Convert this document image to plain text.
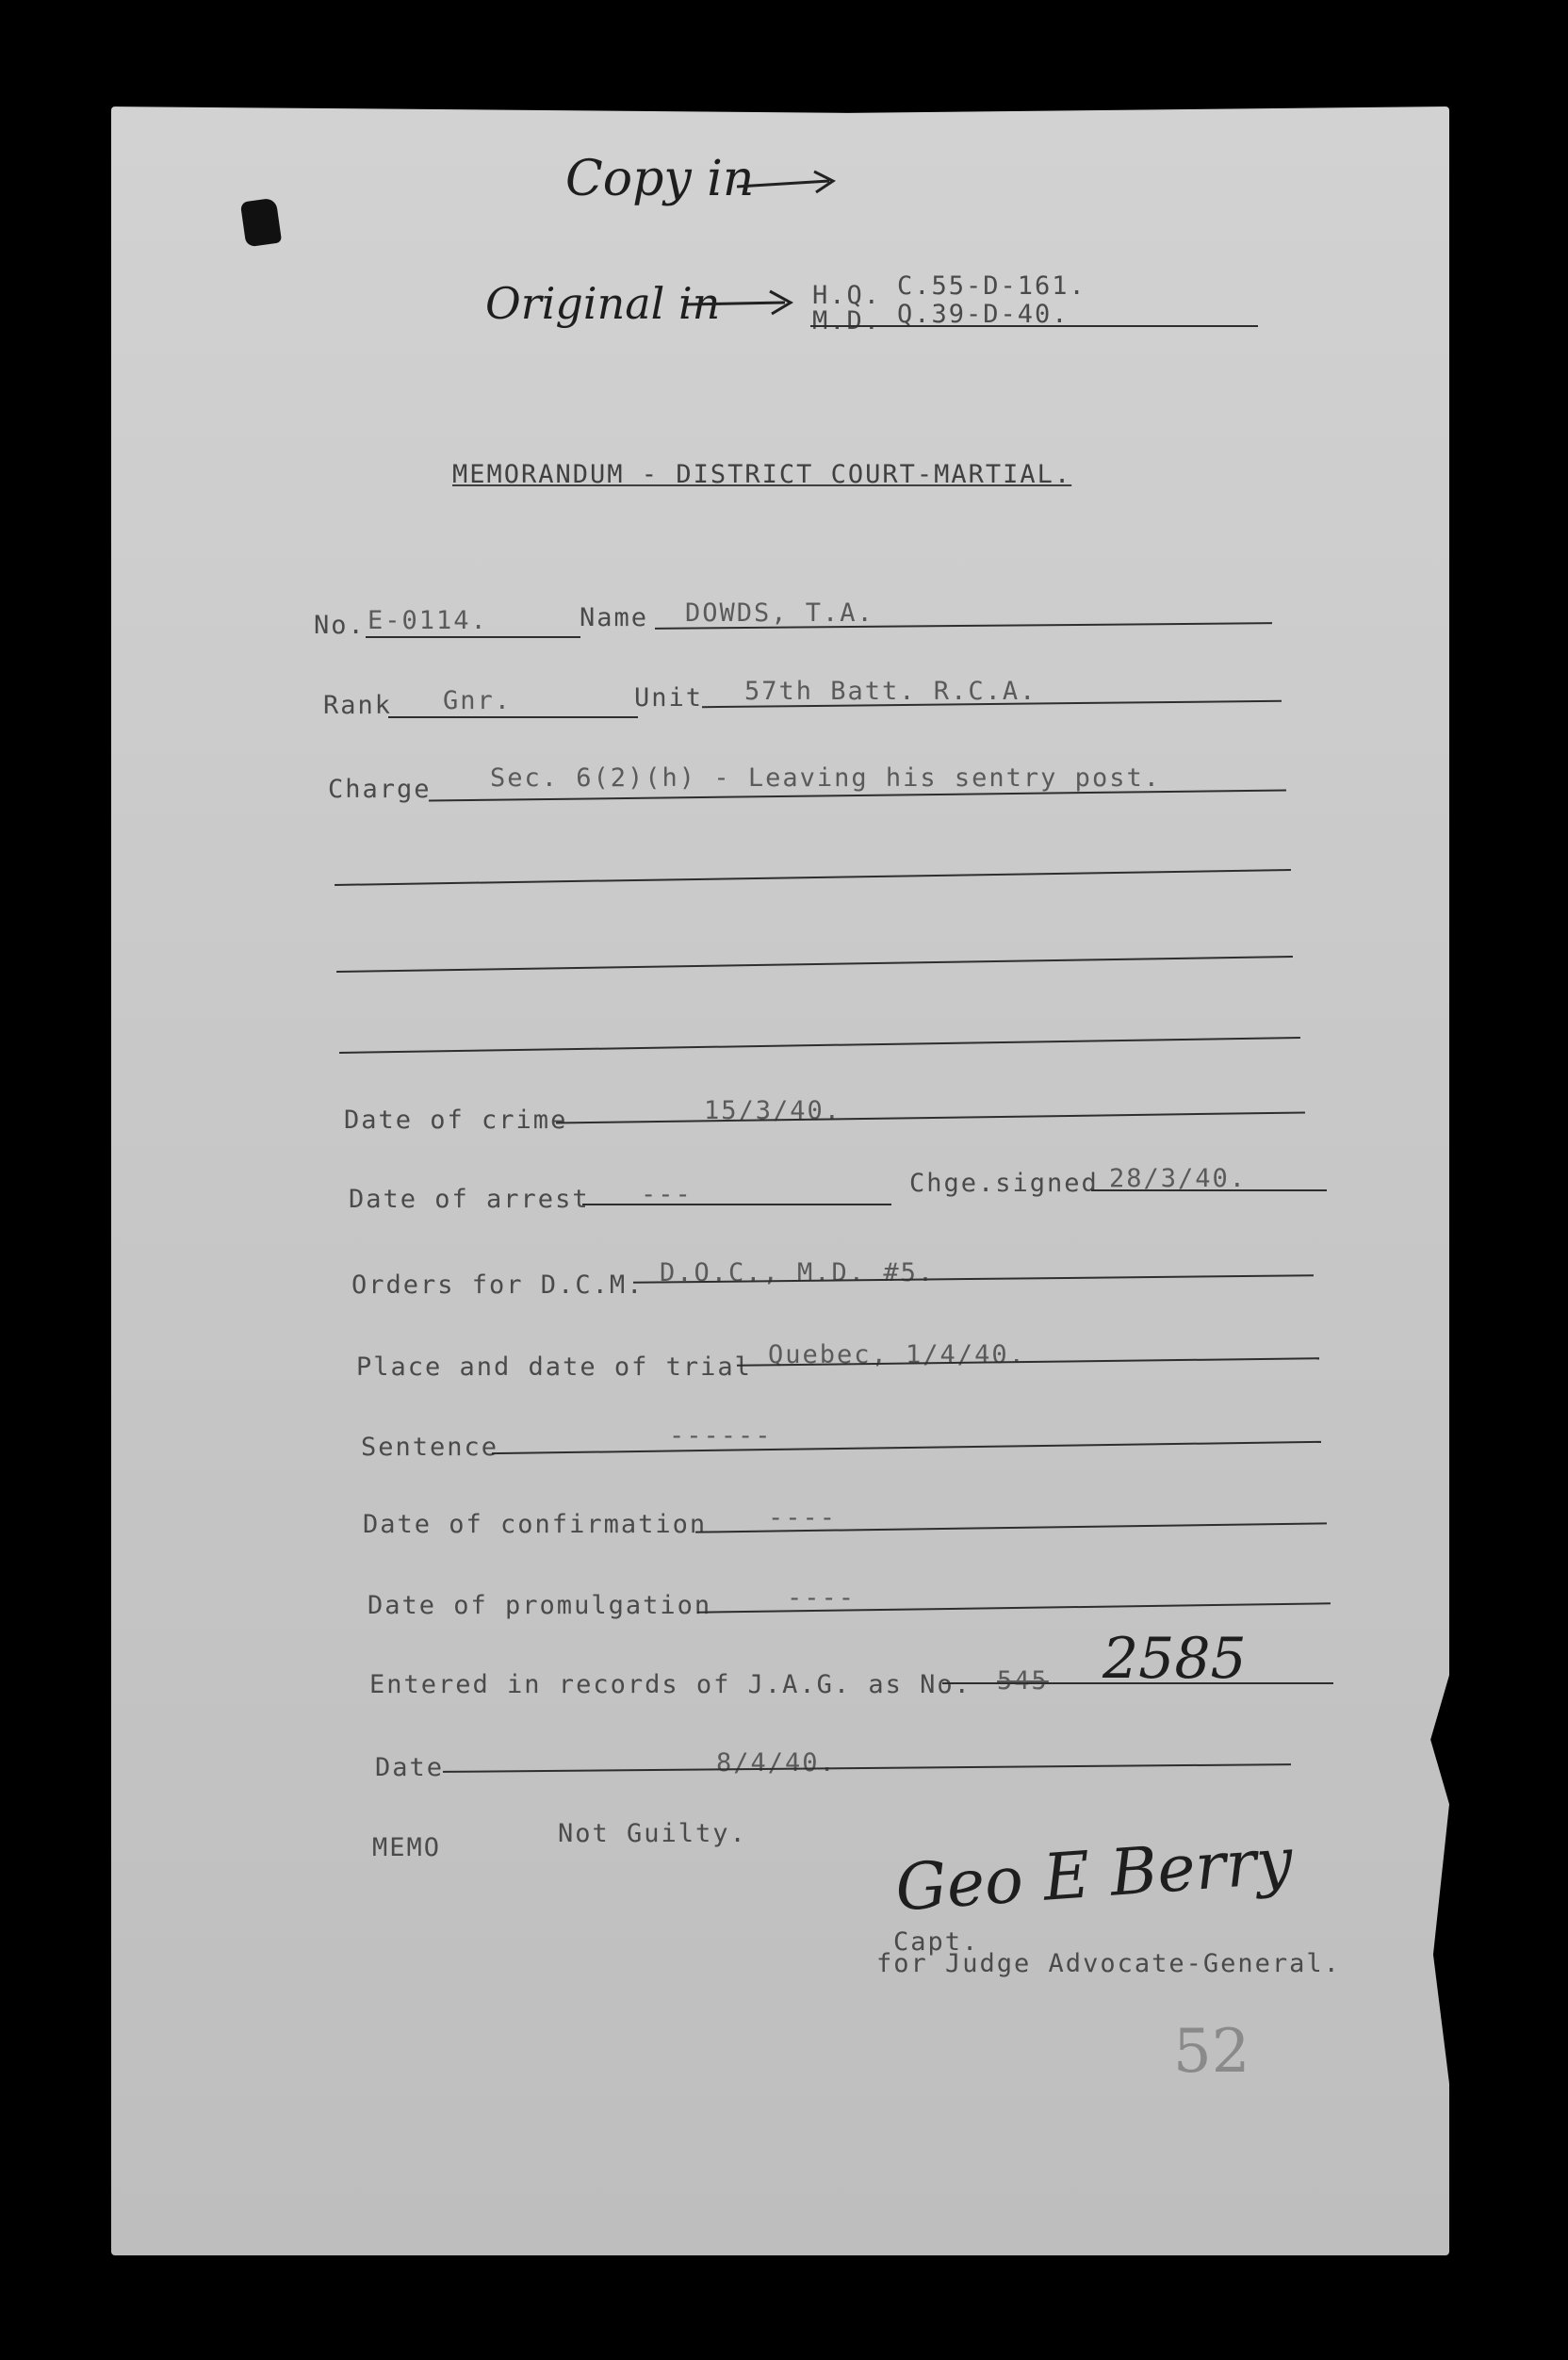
Copy in
Original in	H.Q. C.55-D-161.
M.D. Q.39-D-40.
MEMORANDUM - DISTRICT COURT-MARTIAL.
No. E-0114.	Name DOWDS, T.A.
Rank Gnr.	Unit 57th Batt. R.C.A.
Charge Sec. 6(2)(h) - Leaving his sentry post.
Date of crime	15/3/40.
Date of arrest ---	Chge.signed 28/3/40.
Orders for D.C.M. D.O.C., M.D. #5.
Place and date of trial Quebec, 1/4/40.
Sentence	------
Date of confirmation ----
Date of promulgation	----
Entered in records of J.A.G. as No. 545 2585
Date	8/4/40.
MEMO	Not Guilty. Geo E Berry
Capt.
for Judge Advocate-General.
52
